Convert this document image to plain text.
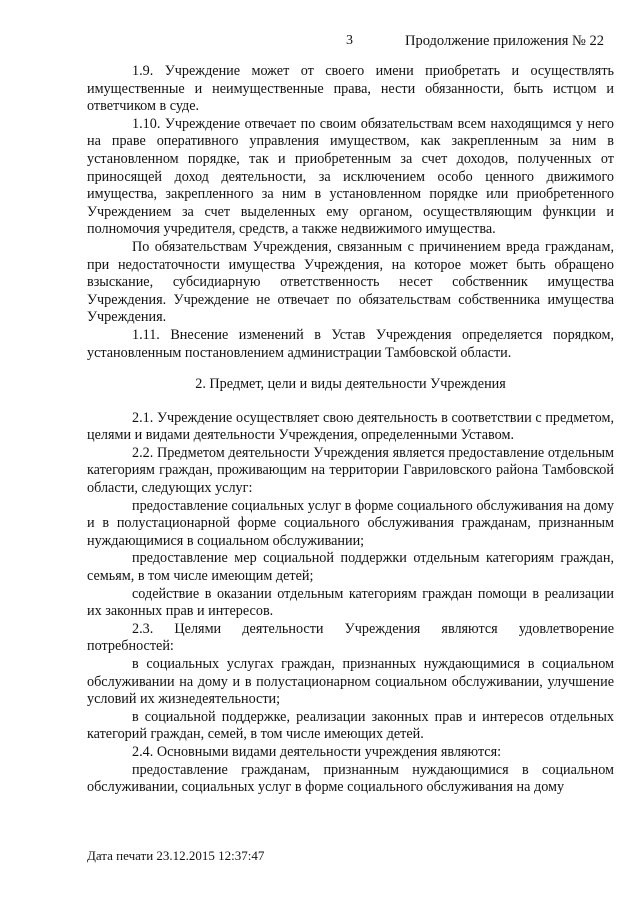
3	Продолжение приложения № 22

1.9. Учреждение может от своего имени приобретать и осуществлять имущественные и неимущественные права, нести обязанности, быть истцом и ответчиком в суде.

1.10. Учреждение отвечает по своим обязательствам всем находящимся у него на праве оперативного управления имуществом, как закрепленным за ним в установленном порядке, так и приобретенным за счет доходов, полученных от приносящей доход деятельности, за исключением особо ценного движимого имущества, закрепленного за ним в установленном порядке или приобретенного Учреждением за счет выделенных ему органом, осуществляющим функции и полномочия учредителя, средств, а также недвижимого имущества.

По обязательствам Учреждения, связанным с причинением вреда гражданам, при недостаточности имущества Учреждения, на которое может быть обращено взыскание, субсидиарную ответственность несет собственник имущества Учреждения. Учреждение не отвечает по обязательствам собственника имущества Учреждения.

1.11. Внесение изменений в Устав Учреждения определяется порядком, установленным постановлением администрации Тамбовской области.

2. Предмет, цели и виды деятельности Учреждения

2.1. Учреждение осуществляет свою деятельность в соответствии с предметом, целями и видами деятельности Учреждения, определенными Уставом.

2.2. Предметом деятельности Учреждения является предоставление отдельным категориям граждан, проживающим на территории Гавриловского района Тамбовской области, следующих услуг:

предоставление социальных услуг в форме социального обслуживания на дому и в полустационарной форме социального обслуживания гражданам, признанным нуждающимися в социальном обслуживании;

предоставление мер социальной поддержки отдельным категориям граждан, семьям, в том числе имеющим детей;

содействие в оказании отдельным категориям граждан помощи в реализации их законных прав и интересов.

2.3. Целями деятельности Учреждения являются удовлетворение потребностей:

в социальных услугах граждан, признанных нуждающимися в социальном обслуживании на дому и в полустационарном социальном обслуживании, улучшение условий их жизнедеятельности;

в социальной поддержке, реализации законных прав и интересов отдельных категорий граждан, семей, в том числе имеющих детей.

2.4. Основными видами деятельности учреждения являются:

предоставление гражданам, признанным нуждающимися в социальном обслуживании, социальных услуг в форме социального обслуживания на дому

Дата печати 23.12.2015 12:37:47
